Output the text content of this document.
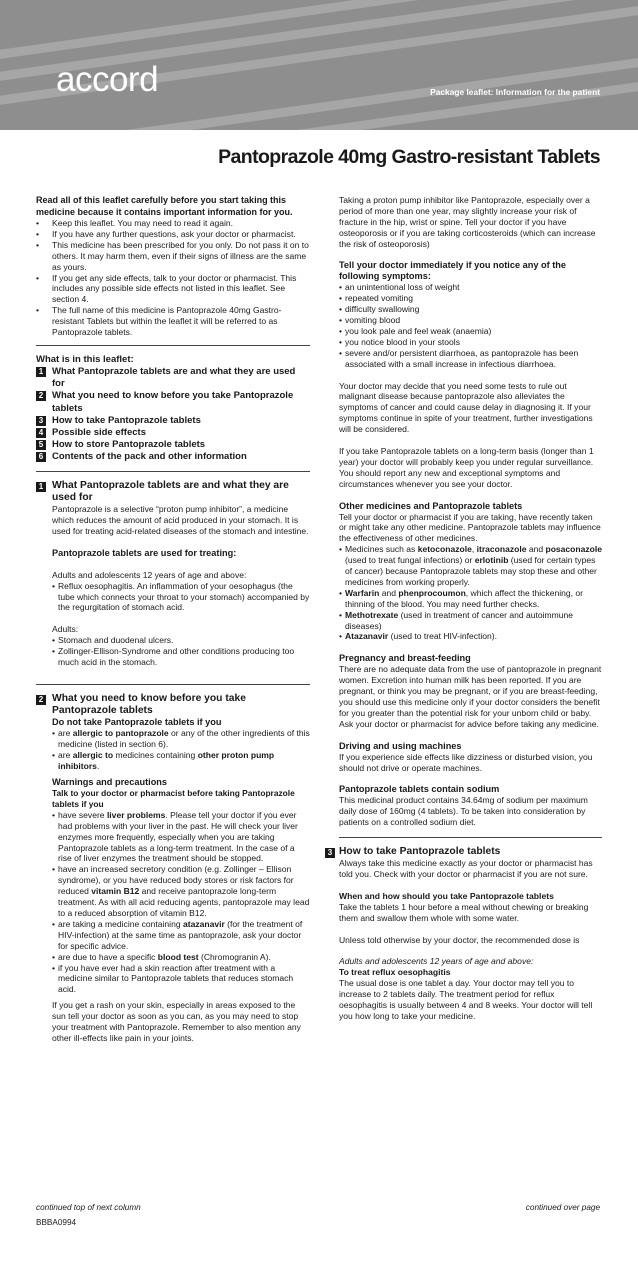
accord	Package leaflet: Information for the patient
Pantoprazole 40mg Gastro-resistant Tablets

Read all of this leaflet carefully before you start taking this medicine because it contains important information for you.

• Keep this leaflet. You may need to read it again.
• If you have any further questions, ask your doctor or pharmacist.
• This medicine has been prescribed for you only. Do not pass it on to others. It may harm them, even if their signs of illness are the same as yours.
• If you get any side effects, talk to your doctor or pharmacist. This includes any possible side effects not listed in this leaflet. See section 4.
• The full name of this medicine is Pantoprazole 40mg Gastro-resistant Tablets but within the leaflet it will be referred to as Pantoprazole tablets.

What is in this leaflet:

1 What Pantoprazole tablets are and what they are used for
2 What you need to know before you take Pantoprazole tablets
3 How to take Pantoprazole tablets
4 Possible side effects
5 How to store Pantoprazole tablets
6 Contents of the pack and other information
1 What Pantoprazole tablets are and what they are used for

Pantoprazole is a selective “proton pump inhibitor”, a medicine which reduces the amount of acid produced in your stomach. It is used for treating acid-related diseases of the stomach and intestine.

Pantoprazole tablets are used for treating:

Adults and adolescents 12 years of age and above:

• Reflux oesophagitis. An inflammation of your oesophagus (the tube which connects your throat to your stomach) accompanied by the regurgitation of stomach acid.

Adults:

• Stomach and duodenal ulcers.
• Zollinger-Ellison-Syndrome and other conditions producing too much acid in the stomach.
2 What you need to know before you take Pantoprazole tablets

Do not take Pantoprazole tablets if you

• are allergic to pantoprazole or any of the other ingredients of this medicine (listed in section 6).
• are allergic to medicines containing other proton pump inhibitors.

Warnings and precautions

Talk to your doctor or pharmacist before taking Pantoprazole tablets if you

• have severe liver problems. Please tell your doctor if you ever had problems with your liver in the past. He will check your liver enzymes more frequently, especially when you are taking Pantoprazole tablets as a long-term treatment. In the case of a rise of liver enzymes the treatment should be stopped.
• have an increased secretory condition (e.g. Zollinger – Ellison syndrome), or you have reduced body stores or risk factors for reduced vitamin B12 and receive pantoprazole long-term treatment. As with all acid reducing agents, pantoprazole may lead to a reduced absorption of vitamin B12.
• are taking a medicine containing atazanavir (for the treatment of HIV-infection) at the same time as pantoprazole, ask your doctor for specific advice.
• are due to have a specific blood test (Chromogranin A).
• if you have ever had a skin reaction after treatment with a medicine similar to Pantoprazole tablets that reduces stomach acid.

If you get a rash on your skin, especially in areas exposed to the sun tell your doctor as soon as you can, as you may need to stop your treatment with Pantoprazole. Remember to also mention any other ill-effects like pain in your joints.

Taking a proton pump inhibitor like Pantoprazole, especially over a period of more than one year, may slightly increase your risk of fracture in the hip, wrist or spine. Tell your doctor if you have osteoporosis or if you are taking corticosteroids (which can increase the risk of osteoporosis)

Tell your doctor immediately if you notice any of the following symptoms:

• an unintentional loss of weight
• repeated vomiting
• difficulty swallowing
• vomiting blood
• you look pale and feel weak (anaemia)
• you notice blood in your stools
• severe and/or persistent diarrhoea, as pantoprazole has been associated with a small increase in infectious diarrhoea.

Your doctor may decide that you need some tests to rule out malignant disease because pantoprazole also alleviates the symptoms of cancer and could cause delay in diagnosing it. If your symptoms continue in spite of your treatment, further investigations will be considered.

If you take Pantoprazole tablets on a long-term basis (longer than 1 year) your doctor will probably keep you under regular surveillance. You should report any new and exceptional symptoms and circumstances whenever you see your doctor.

Other medicines and Pantoprazole tablets

Tell your doctor or pharmacist if you are taking, have recently taken or might take any other medicine. Pantoprazole tablets may influence the effectiveness of other medicines.

• Medicines such as ketoconazole, itraconazole and posaconazole (used to treat fungal infections) or erlotinib (used for certain types of cancer) because Pantoprazole tablets may stop these and other medicines from working properly.
• Warfarin and phenprocoumon, which affect the thickening, or thinning of the blood. You may need further checks.
• Methotrexate (used in treatment of cancer and autoimmune diseases)
• Atazanavir (used to treat HIV-infection).

Pregnancy and breast-feeding

There are no adequate data from the use of pantoprazole in pregnant women. Excretion into human milk has been reported. If you are pregnant, or think you may be pregnant, or if you are breast-feeding, you should use this medicine only if your doctor considers the benefit for you greater than the potential risk for your unborn child or baby.

Ask your doctor or pharmacist for advice before taking any medicine.

Driving and using machines

If you experience side effects like dizziness or disturbed vision, you should not drive or operate machines.

Pantoprazole tablets contain sodium

This medicinal product contains 34.64mg of sodium per maximum daily dose of 160mg (4 tablets). To be taken into consideration by patients on a controlled sodium diet.

3 How to take Pantoprazole tablets

Always take this medicine exactly as your doctor or pharmacist has told you. Check with your doctor or pharmacist if you are not sure.

When and how should you take Pantoprazole tablets

Take the tablets 1 hour before a meal without chewing or breaking them and swallow them whole with some water.

Unless told otherwise by your doctor, the recommended dose is

Adults and adolescents 12 years of age and above:

To treat reflux oesophagitis

The usual dose is one tablet a day. Your doctor may tell you to increase to 2 tablets daily. The treatment period for reflux oesophagitis is usually between 4 and 8 weeks. Your doctor will tell you how long to take your medicine.

continued top of next column	continued over page
BBBA0994
